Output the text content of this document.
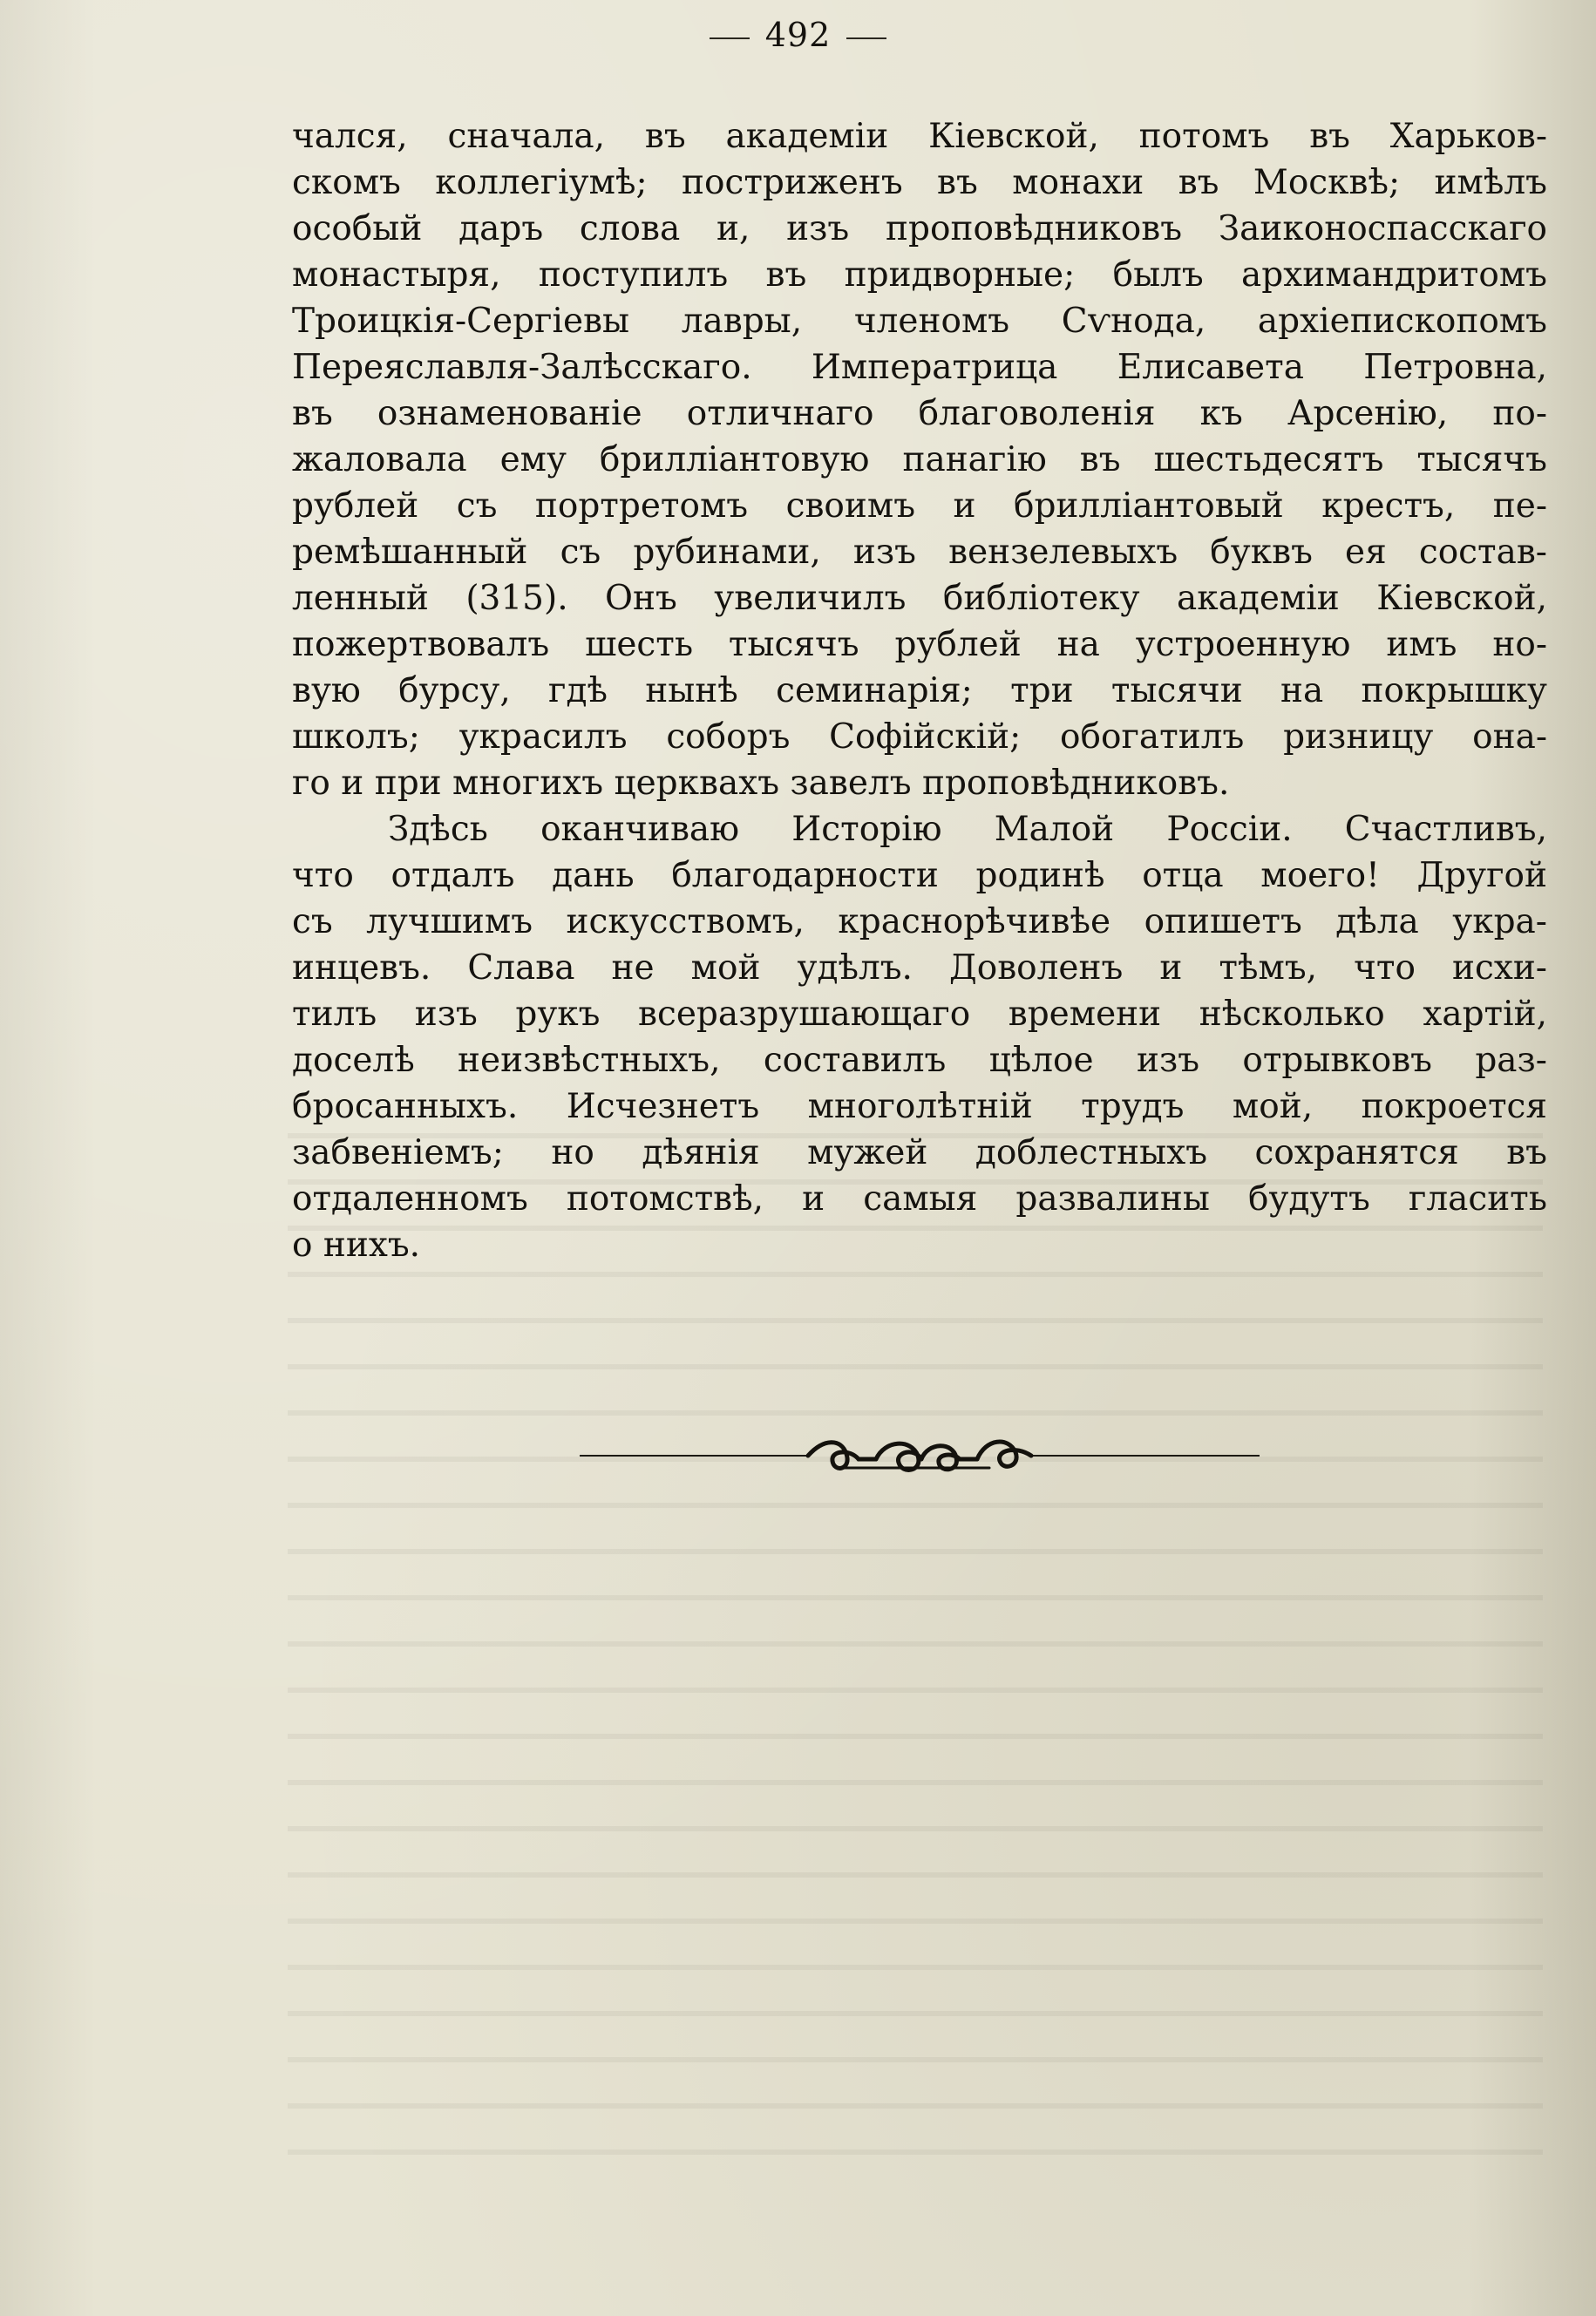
492
чался, сначала, въ академіи Кіевской, потомъ въ Харьков-
скомъ коллегіумѣ; постриженъ въ монахи въ Москвѣ; имѣлъ
особый даръ слова и, изъ проповѣдниковъ Заиконоспасскаго
монастыря, поступилъ въ придворные; былъ архимандритомъ
Троицкія-Сергіевы лавры, членомъ Сѵнода, архіепископомъ
Переяславля-Залѣсскаго. Императрица Елисавета Петровна,
въ ознаменованіе отличнаго благоволенія къ Арсенію, по-
жаловала ему брилліантовую панагію въ шестьдесятъ тысячъ
рублей съ портретомъ своимъ и брилліантовый крестъ, пе-
ремѣшанный съ рубинами, изъ вензелевыхъ буквъ ея состав-
ленный (315). Онъ увеличилъ библіотеку академіи Кіевской,
пожертвовалъ шесть тысячъ рублей на устроенную имъ но-
вую бурсу, гдѣ нынѣ семинарія; три тысячи на покрышку
школъ; украсилъ соборъ Софійскій; обогатилъ ризницу она-
го и при многихъ церквахъ завелъ проповѣдниковъ.
Здѣсь оканчиваю Исторію Малой Россіи. Счастливъ,
что отдалъ дань благодарности родинѣ отца моего! Другой
съ лучшимъ искусствомъ, краснорѣчивѣе опишетъ дѣла укра-
инцевъ. Слава не мой удѣлъ. Доволенъ и тѣмъ, что исхи-
тилъ изъ рукъ всеразрушающаго времени нѣсколько хартій,
доселѣ неизвѣстныхъ, составилъ цѣлое изъ отрывковъ раз-
бросанныхъ. Исчезнетъ многолѣтній трудъ мой, покроется
забвеніемъ; но дѣянія мужей доблестныхъ сохранятся въ
отдаленномъ потомствѣ, и самыя развалины будутъ гласить
о нихъ.
